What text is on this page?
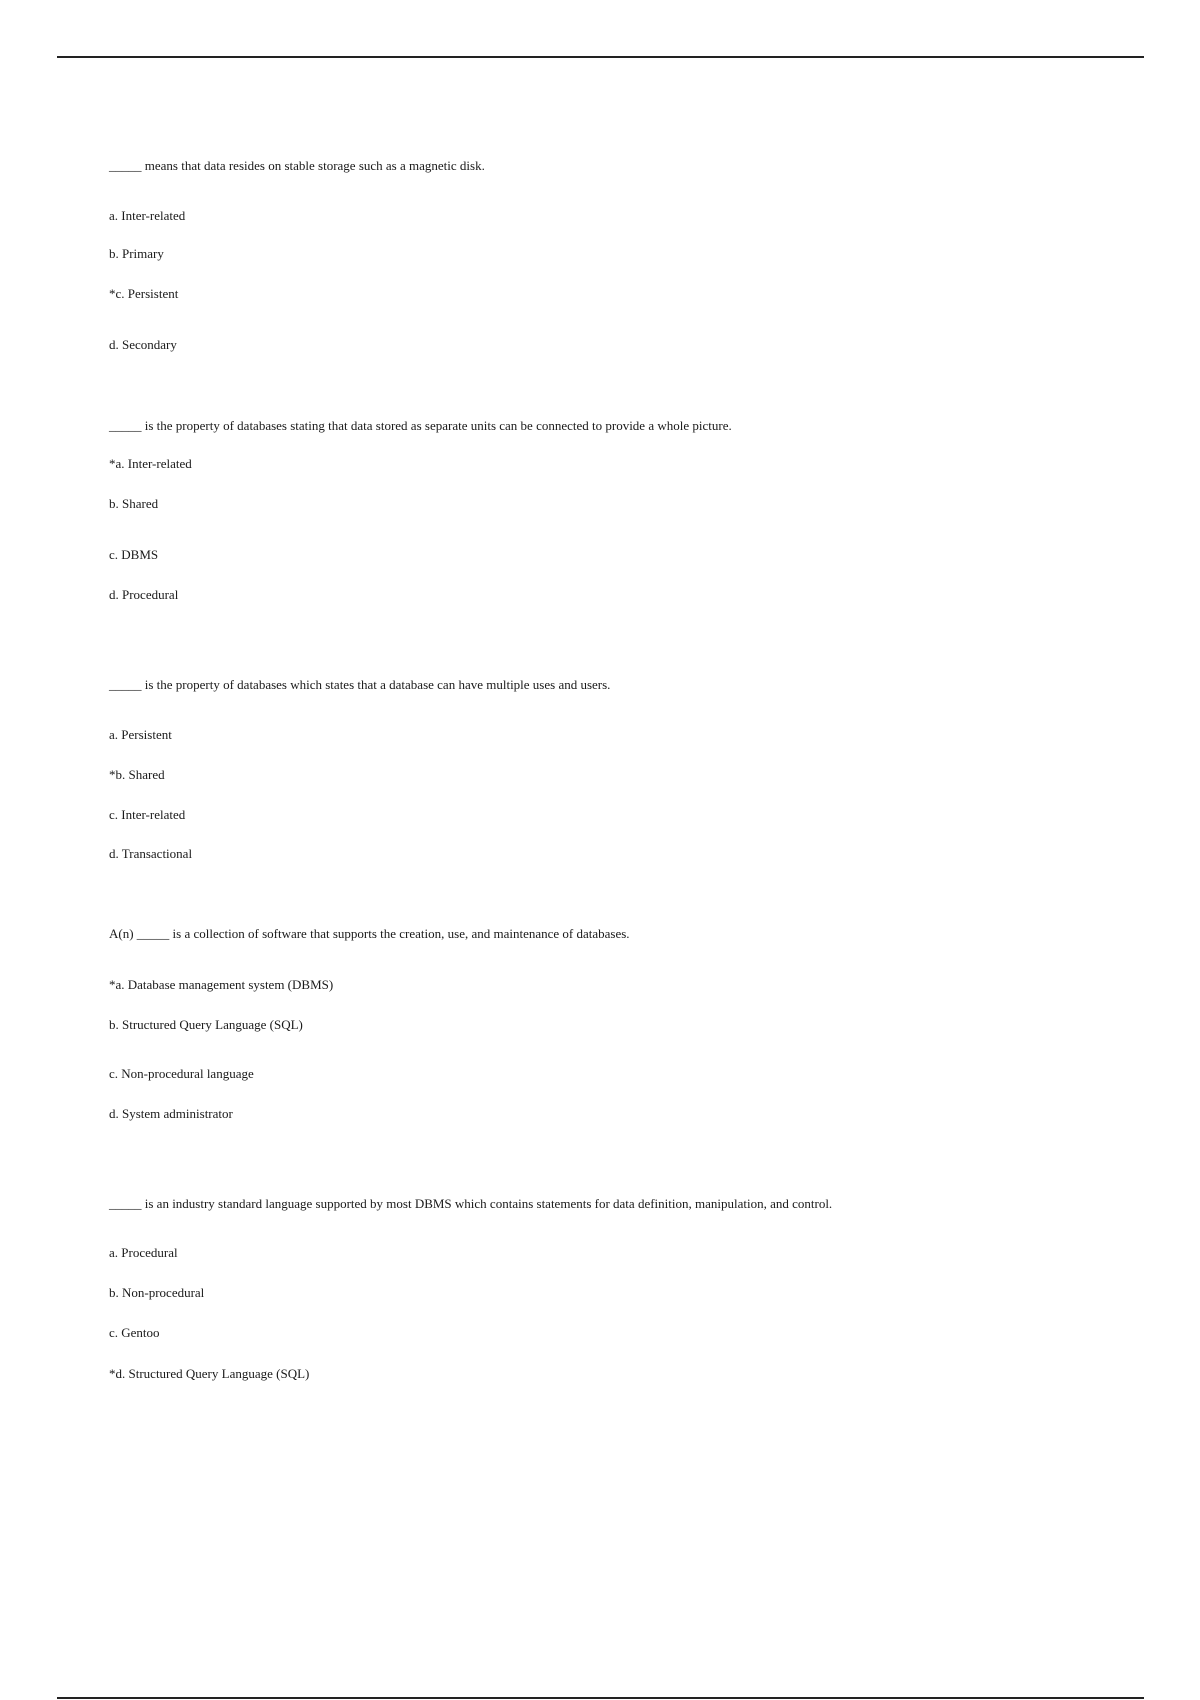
_____ means that data resides on stable storage such as a magnetic disk.
a. Inter-related
b. Primary
*c. Persistent
d. Secondary
_____ is the property of databases stating that data stored as separate units can be connected to provide a whole picture.
*a. Inter-related
b. Shared
c. DBMS
d. Procedural
_____ is the property of databases which states that a database can have multiple uses and users.
a. Persistent
*b. Shared
c. Inter-related
d. Transactional
A(n) _____ is a collection of software that supports the creation, use, and maintenance of databases.
*a. Database management system (DBMS)
b. Structured Query Language (SQL)
c. Non-procedural language
d. System administrator
_____ is an industry standard language supported by most DBMS which contains statements for data definition, manipulation, and control.
a. Procedural
b. Non-procedural
c. Gentoo
*d. Structured Query Language (SQL)
